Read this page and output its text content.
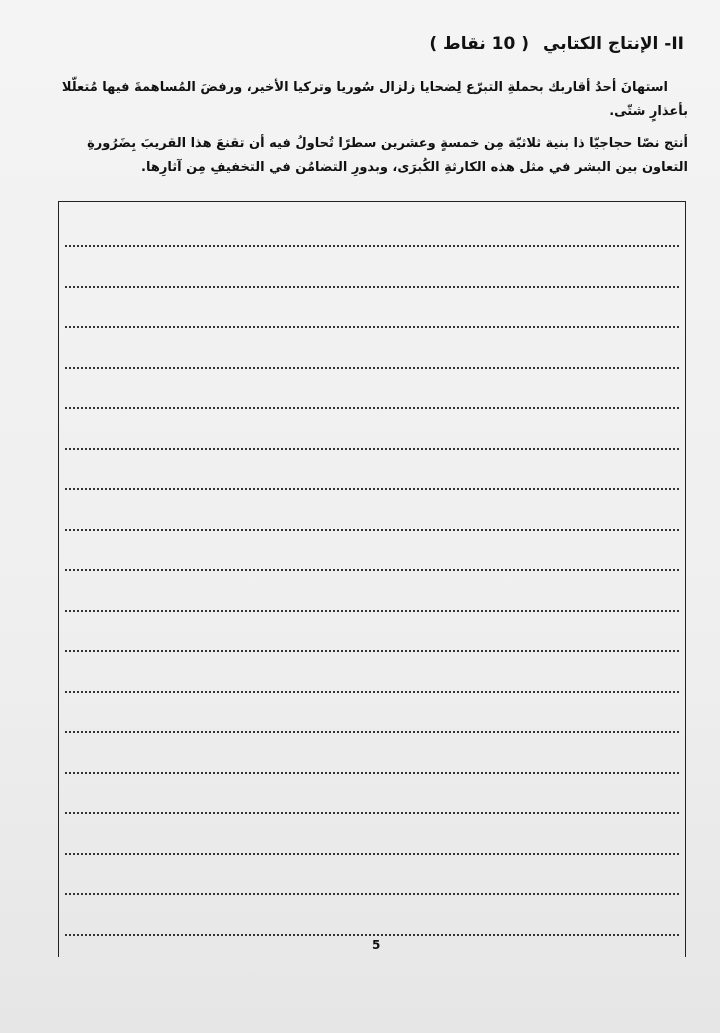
II- الإنتاج الكتابي( 10 نقاط )
استهانَ أحدُ أقاربك بحملةِ التبرّع لِضحايا زلزال سُوريا وتركيا الأخير، ورفضَ المُساهمةَ فيها مُتعلّلا بأعذارٍ شتّى.
أنتج نصّا حجاجيّا ذا بنية ثلاثيّة مِن خمسةٍ وعشرين سطرًا تُحاولُ فيه أن تقنعَ هذا القريبَ بِضَرُورةِ التعاون بين البشر في مثل هذه الكارثةِ الكُبرَى، وبدورِ التضامُن في التخفيفِ مِن آثارِها.
5
